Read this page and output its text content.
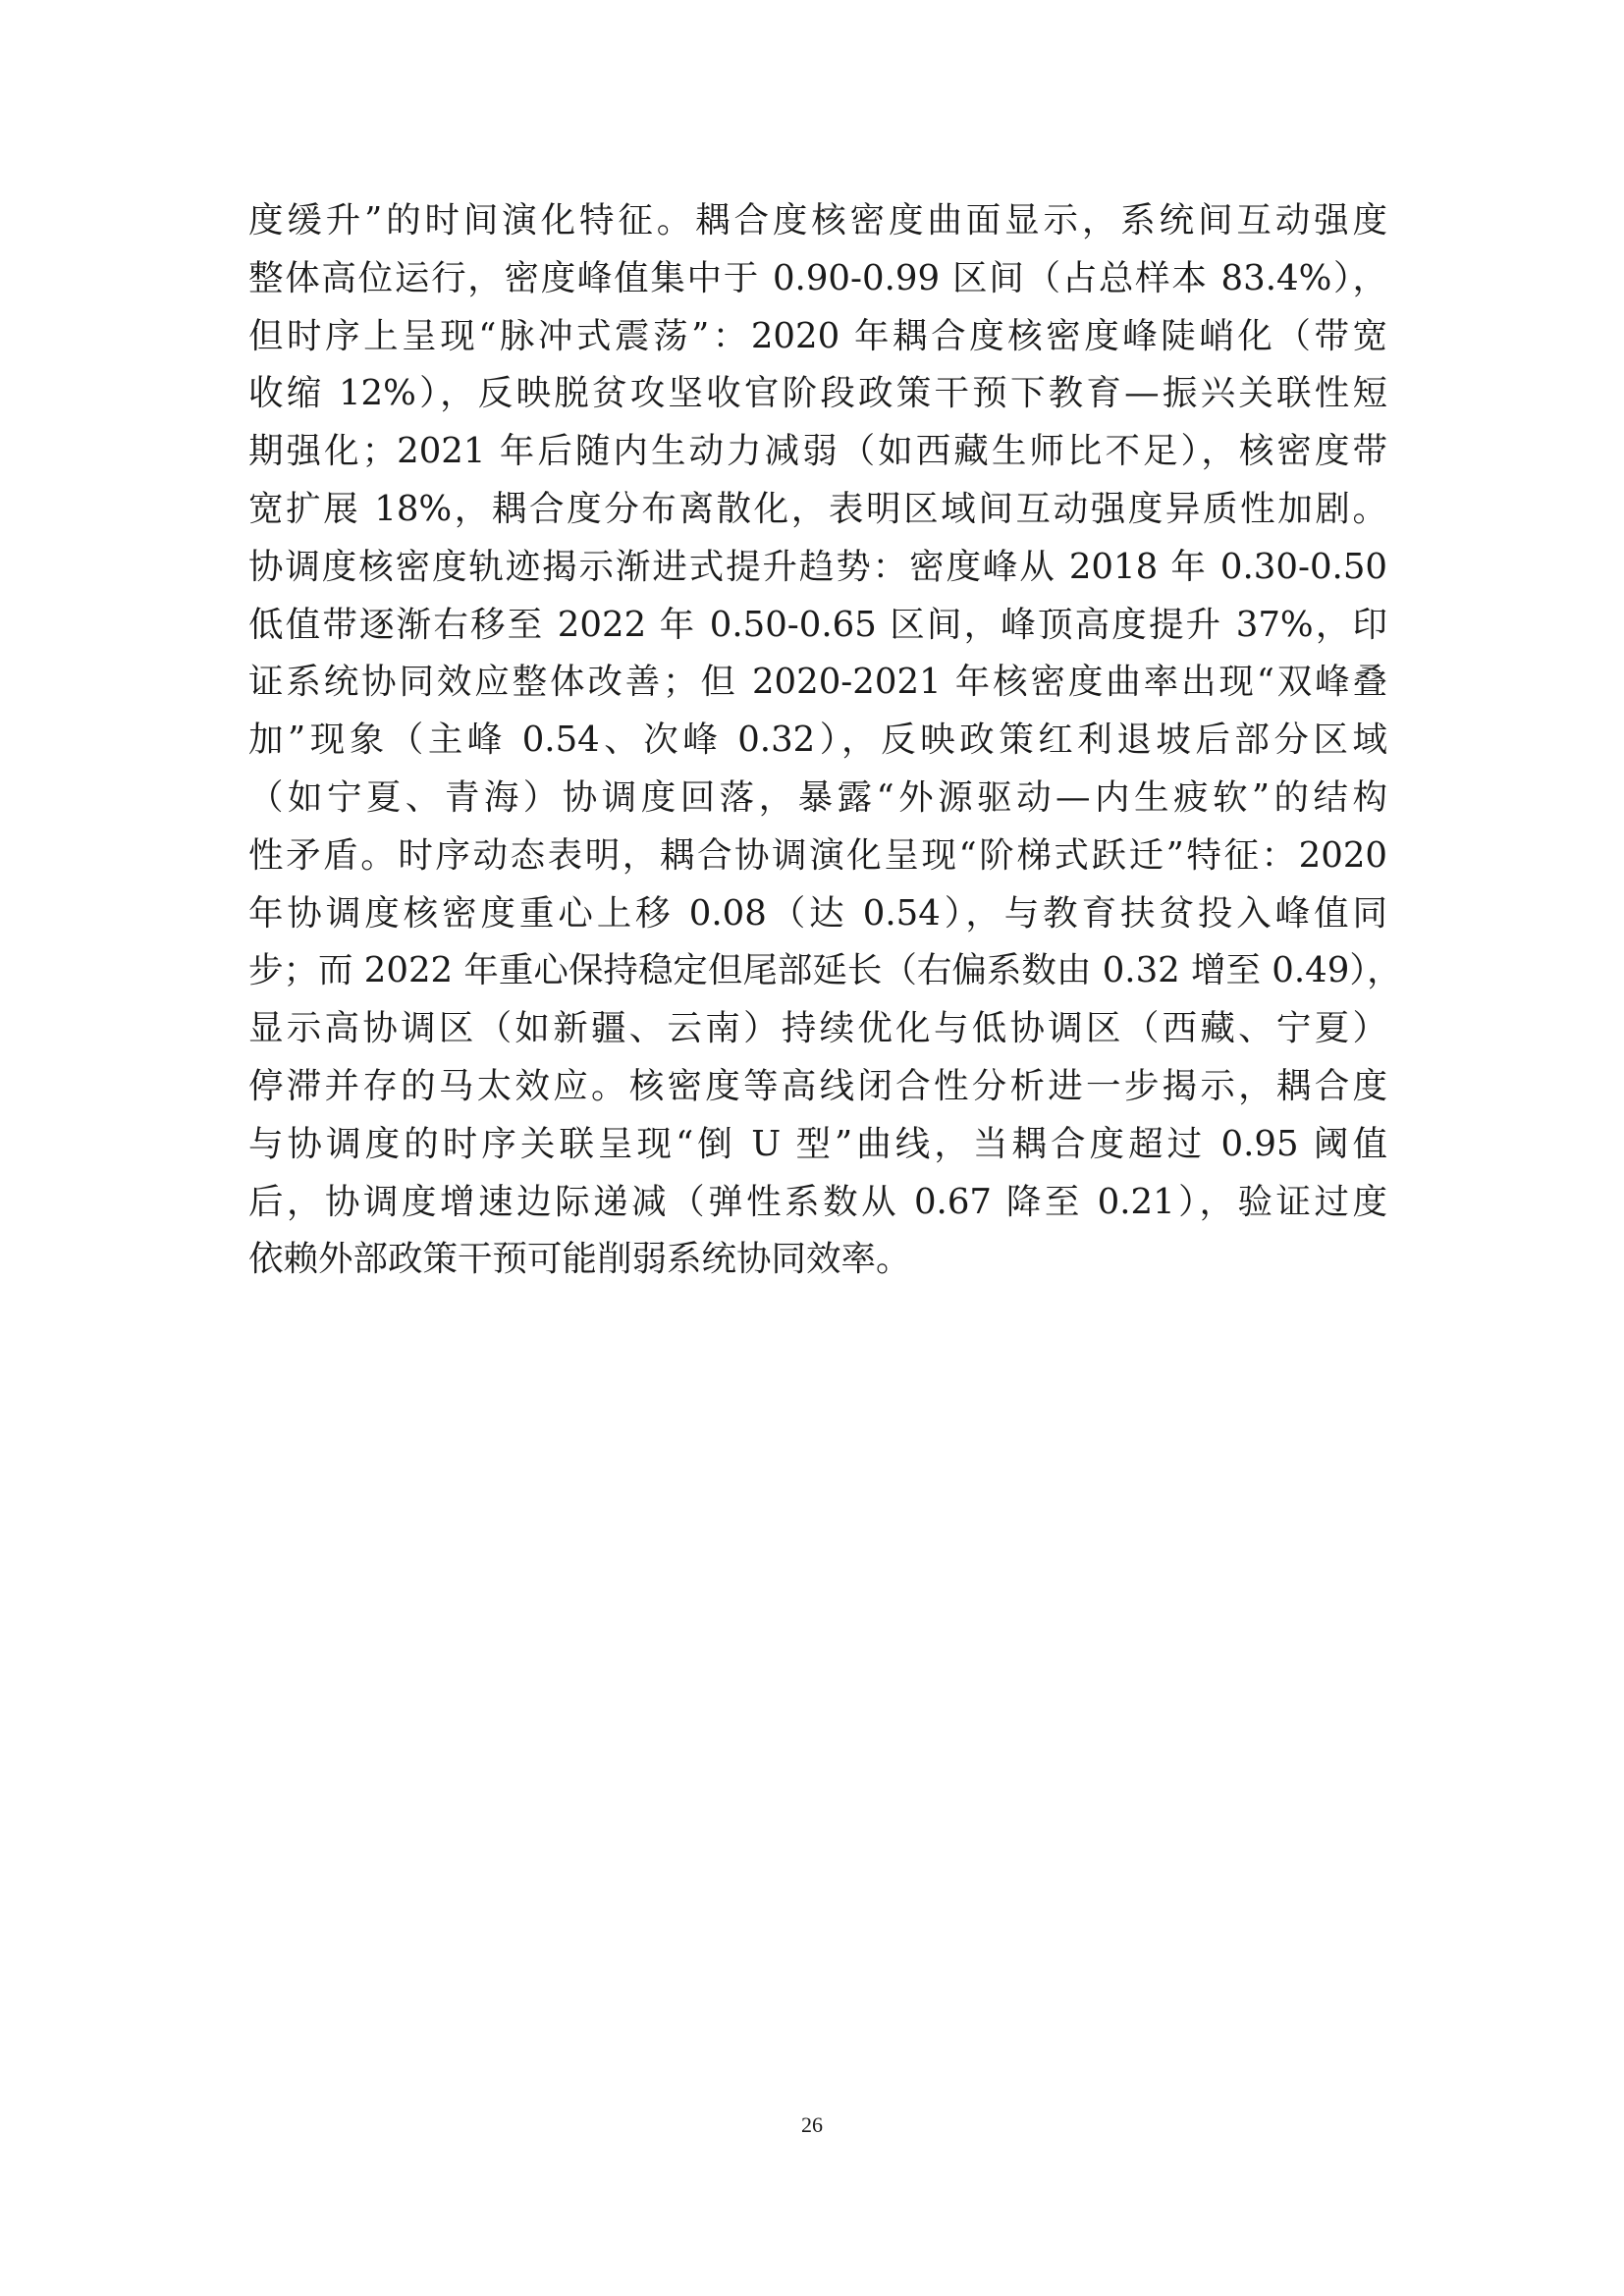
度缓升”的时间演化特征。耦合度核密度曲面显示，系统间互动强度
整体高位运行，密度峰值集中于 0.90-0.99 区间（占总样本 83.4%），
但时序上呈现“脉冲式震荡”：2020 年耦合度核密度峰陡峭化（带宽
收缩 12%），反映脱贫攻坚收官阶段政策干预下教育—振兴关联性短
期强化；2021 年后随内生动力减弱（如西藏生师比不足），核密度带
宽扩展 18%，耦合度分布离散化，表明区域间互动强度异质性加剧。
协调度核密度轨迹揭示渐进式提升趋势：密度峰从 2018 年 0.30-0.50
低值带逐渐右移至 2022 年 0.50-0.65 区间，峰顶高度提升 37%，印
证系统协同效应整体改善；但 2020-2021 年核密度曲率出现“双峰叠
加”现象（主峰 0.54、次峰 0.32），反映政策红利退坡后部分区域
（如宁夏、青海）协调度回落，暴露“外源驱动—内生疲软”的结构
性矛盾。时序动态表明，耦合协调演化呈现“阶梯式跃迁”特征：2020
年协调度核密度重心上移 0.08（达 0.54），与教育扶贫投入峰值同
步；而 2022 年重心保持稳定但尾部延长（右偏系数由 0.32 增至 0.49），
显示高协调区（如新疆、云南）持续优化与低协调区（西藏、宁夏）
停滞并存的马太效应。核密度等高线闭合性分析进一步揭示，耦合度
与协调度的时序关联呈现“倒 U 型”曲线，当耦合度超过 0.95 阈值
后，协调度增速边际递减（弹性系数从 0.67 降至 0.21），验证过度
依赖外部政策干预可能削弱系统协同效率。
26
